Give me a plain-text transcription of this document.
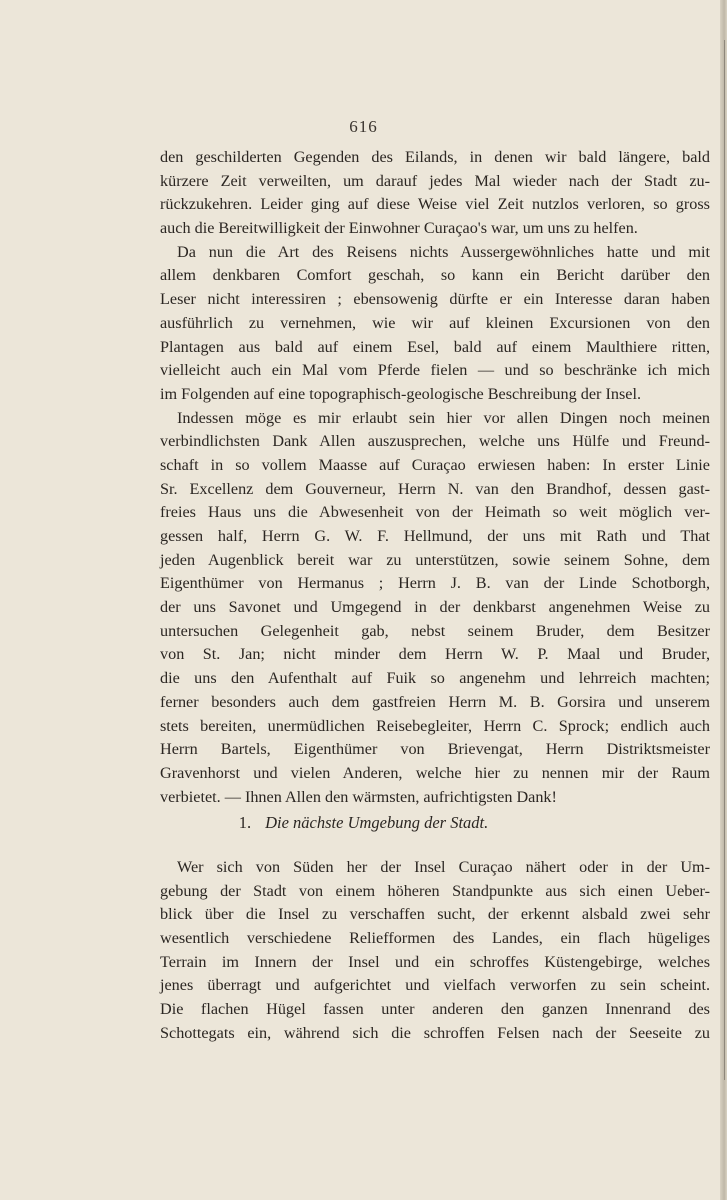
616
den geschilderten Gegenden des Eilands, in denen wir bald längere, bald
kürzere Zeit verweilten, um darauf jedes Mal wieder nach der Stadt zu-
rückzukehren. Leider ging auf diese Weise viel Zeit nutzlos verloren, so gross
auch die Bereitwilligkeit der Einwohner Curaçao's war, um uns zu helfen.
Da nun die Art des Reisens nichts Aussergewöhnliches hatte und mit
allem denkbaren Comfort geschah, so kann ein Bericht darüber den
Leser nicht interessiren ; ebensowenig dürfte er ein Interesse daran haben
ausführlich zu vernehmen, wie wir auf kleinen Excursionen von den
Plantagen aus bald auf einem Esel, bald auf einem Maulthiere ritten,
vielleicht auch ein Mal vom Pferde fielen — und so beschränke ich mich
im Folgenden auf eine topographisch-geologische Beschreibung der Insel.
Indessen möge es mir erlaubt sein hier vor allen Dingen noch meinen
verbindlichsten Dank Allen auszusprechen, welche uns Hülfe und Freund-
schaft in so vollem Maasse auf Curaçao erwiesen haben: In erster Linie
Sr. Excellenz dem Gouverneur, Herrn N. van den Brandhof, dessen gast-
freies Haus uns die Abwesenheit von der Heimath so weit möglich ver-
gessen half, Herrn G. W. F. Hellmund, der uns mit Rath und That
jeden Augenblick bereit war zu unterstützen, sowie seinem Sohne, dem
Eigenthümer von Hermanus ; Herrn J. B. van der Linde Schotborgh,
der uns Savonet und Umgegend in der denkbarst angenehmen Weise zu
untersuchen Gelegenheit gab, nebst seinem Bruder, dem Besitzer
von St. Jan; nicht minder dem Herrn W. P. Maal und Bruder,
die uns den Aufenthalt auf Fuik so angenehm und lehrreich machten;
ferner besonders auch dem gastfreien Herrn M. B. Gorsira und unserem
stets bereiten, unermüdlichen Reisebegleiter, Herrn C. Sprock; endlich auch
Herrn Bartels, Eigenthümer von Brievengat, Herrn Distriktsmeister
Gravenhorst und vielen Anderen, welche hier zu nennen mir der Raum
verbietet. — Ihnen Allen den wärmsten, aufrichtigsten Dank!
1. Die nächste Umgebung der Stadt.
Wer sich von Süden her der Insel Curaçao nähert oder in der Um-
gebung der Stadt von einem höheren Standpunkte aus sich einen Ueber-
blick über die Insel zu verschaffen sucht, der erkennt alsbald zwei sehr
wesentlich verschiedene Reliefformen des Landes, ein flach hügeliges
Terrain im Innern der Insel und ein schroffes Küstengebirge, welches
jenes überragt und aufgerichtet und vielfach verworfen zu sein scheint.
Die flachen Hügel fassen unter anderen den ganzen Innenrand des
Schottegats ein, während sich die schroffen Felsen nach der Seeseite zu
